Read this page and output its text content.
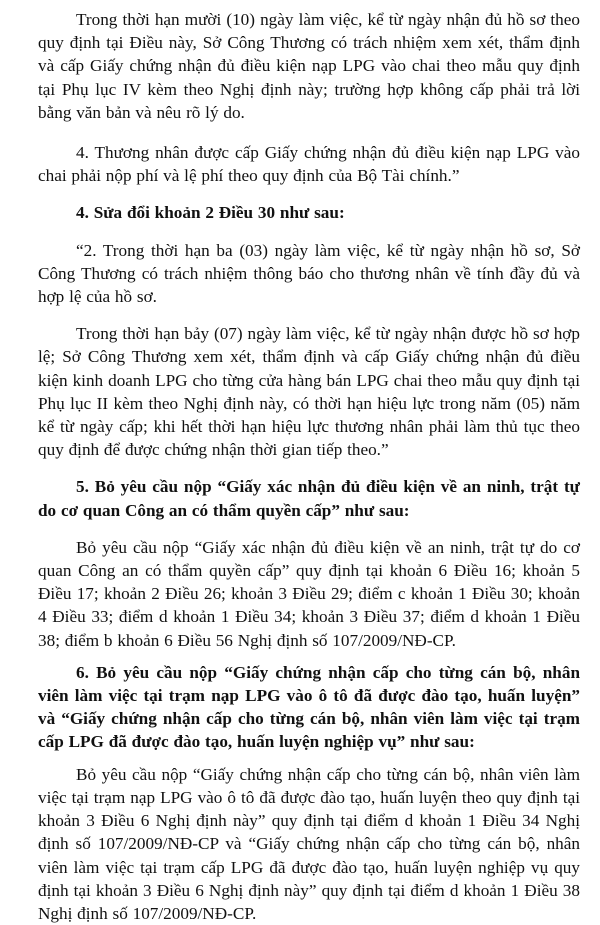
Trong thời hạn mười (10) ngày làm việc, kể từ ngày nhận đủ hồ sơ theo quy định tại Điều này, Sở Công Thương có trách nhiệm xem xét, thẩm định và cấp Giấy chứng nhận đủ điều kiện nạp LPG vào chai theo mẫu quy định tại Phụ lục IV kèm theo Nghị định này; trường hợp không cấp phải trả lời bằng văn bản và nêu rõ lý do.

4. Thương nhân được cấp Giấy chứng nhận đủ điều kiện nạp LPG vào chai phải nộp phí và lệ phí theo quy định của Bộ Tài chính.”

4. Sửa đổi khoản 2 Điều 30 như sau:

“2. Trong thời hạn ba (03) ngày làm việc, kể từ ngày nhận hồ sơ, Sở Công Thương có trách nhiệm thông báo cho thương nhân về tính đầy đủ và hợp lệ của hồ sơ.

Trong thời hạn bảy (07) ngày làm việc, kể từ ngày nhận được hồ sơ hợp lệ; Sở Công Thương xem xét, thẩm định và cấp Giấy chứng nhận đủ điều kiện kinh doanh LPG cho từng cửa hàng bán LPG chai theo mẫu quy định tại Phụ lục II kèm theo Nghị định này, có thời hạn hiệu lực trong năm (05) năm kể từ ngày cấp; khi hết thời hạn hiệu lực thương nhân phải làm thủ tục theo quy định để được chứng nhận thời gian tiếp theo.”

5. Bỏ yêu cầu nộp “Giấy xác nhận đủ điều kiện về an ninh, trật tự do cơ quan Công an có thẩm quyền cấp” như sau:

Bỏ yêu cầu nộp “Giấy xác nhận đủ điều kiện về an ninh, trật tự do cơ quan Công an có thẩm quyền cấp” quy định tại khoản 6 Điều 16; khoản 5 Điều 17; khoản 2 Điều 26; khoản 3 Điều 29; điểm c khoản 1 Điều 30; khoản 4 Điều 33; điểm d khoản 1 Điều 34; khoản 3 Điều 37; điểm d khoản 1 Điều 38; điểm b khoản 6 Điều 56 Nghị định số 107/2009/NĐ-CP.

6. Bỏ yêu cầu nộp “Giấy chứng nhận cấp cho từng cán bộ, nhân viên làm việc tại trạm nạp LPG vào ô tô đã được đào tạo, huấn luyện” và “Giấy chứng nhận cấp cho từng cán bộ, nhân viên làm việc tại trạm cấp LPG đã được đào tạo, huấn luyện nghiệp vụ” như sau:

Bỏ yêu cầu nộp “Giấy chứng nhận cấp cho từng cán bộ, nhân viên làm việc tại trạm nạp LPG vào ô tô đã được đào tạo, huấn luyện theo quy định tại khoản 3 Điều 6 Nghị định này” quy định tại điểm d khoản 1 Điều 34 Nghị định số 107/2009/NĐ-CP và “Giấy chứng nhận cấp cho từng cán bộ, nhân viên làm việc tại trạm cấp LPG đã được đào tạo, huấn luyện nghiệp vụ quy định tại khoản 3 Điều 6 Nghị định này” quy định tại điểm d khoản 1 Điều 38 Nghị định số 107/2009/NĐ-CP.
